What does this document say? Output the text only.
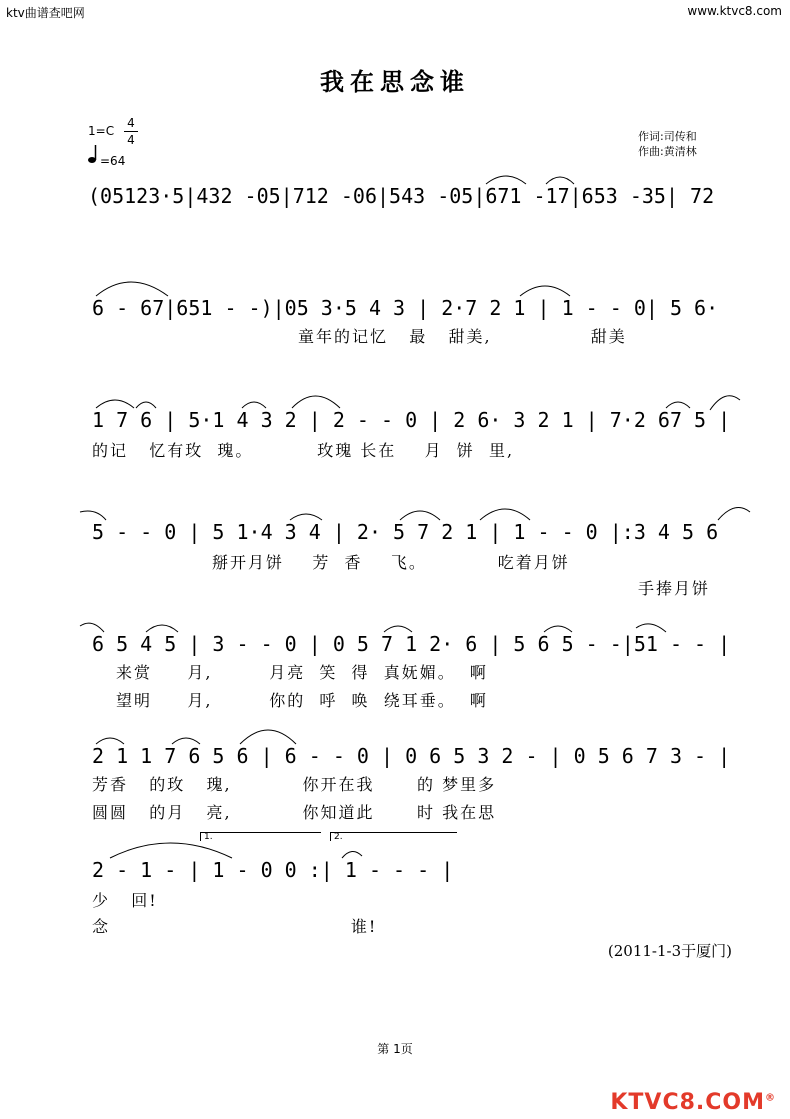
ktv曲谱查吧网	www.ktvc8.com
我在思念谁
1=C
4
4
=64
作词:司传和
作曲:黄清林
(05123·5|432 -05|712 -06|543 -05|671 -17|653 -35| 72
6 - 67|651 - -)|05 3·5 4 3 | 2·7 2 1 | 1 - - 0| 5 6·
童年的记忆   最   甜美,              甜美
1 7 6 | 5·1 4 3 2 | 2 - - 0 | 2 6· 3 2 1 | 7·2 67 5 |
的记   忆有玫  瑰。         玫瑰 长在    月  饼  里,
5 - - 0 | 5 1·4 3 4 | 2· 5 7 2 1 | 1 - - 0 |:3 4 5 6
掰开月饼    芳  香    飞。          吃着月饼
手捧月饼
6 5 4 5 | 3 - - 0 | 0 5 7 1 2· 6 | 5 6 5 - -|51 - - |
来赏     月,        月亮  笑  得  真妩媚。  啊
望明     月,        你的  呼  唤  绕耳垂。  啊
2 1 1 7 6 5 6 | 6 - - 0 | 0 6 5 3 2 - | 0 5 6 7 3 - |
芳香   的玫   瑰,          你开在我      的 梦里多
圆圆   的月   亮,          你知道此      时 我在思
1.	2.
2 - 1 - | 1 - 0 0 :| 1 - - - |
少   回!
念                                  谁!
(2011-1-3于厦门)
第 1页
KTVC8.COM®
